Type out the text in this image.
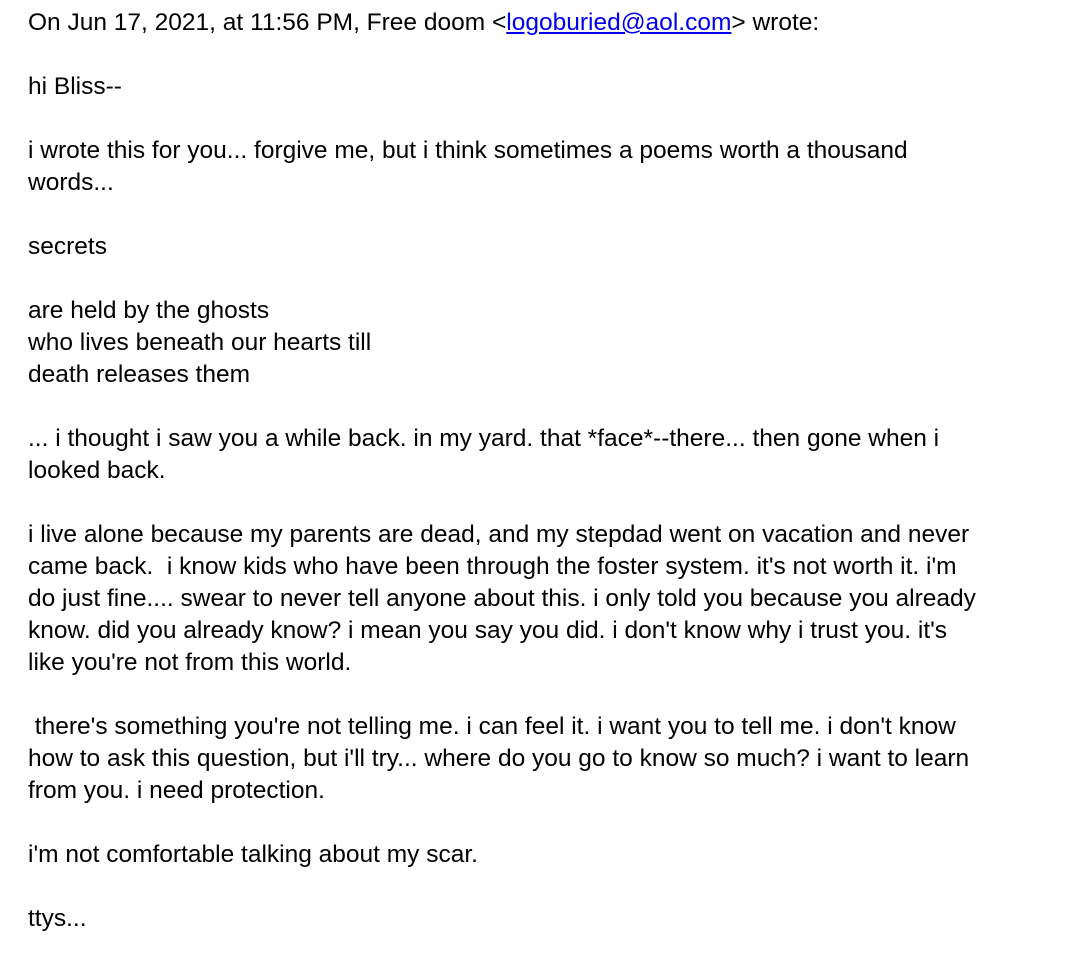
On Jun 17, 2021, at 11:56 PM, Free doom <logoburied@aol.com> wrote:
hi Bliss--
i wrote this for you... forgive me, but i think sometimes a poems worth a thousand
words...
secrets
are held by the ghosts
who lives beneath our hearts till
death releases them
... i thought i saw you a while back. in my yard. that *face*--there... then gone when i
looked back.
i live alone because my parents are dead, and my stepdad went on vacation and never
came back.  i know kids who have been through the foster system. it's not worth it. i'm
do just fine.... swear to never tell anyone about this. i only told you because you already
know. did you already know? i mean you say you did. i don't know why i trust you. it's
like you're not from this world.
there's something you're not telling me. i can feel it. i want you to tell me. i don't know
how to ask this question, but i'll try... where do you go to know so much? i want to learn
from you. i need protection.
i'm not comfortable talking about my scar.
ttys...
